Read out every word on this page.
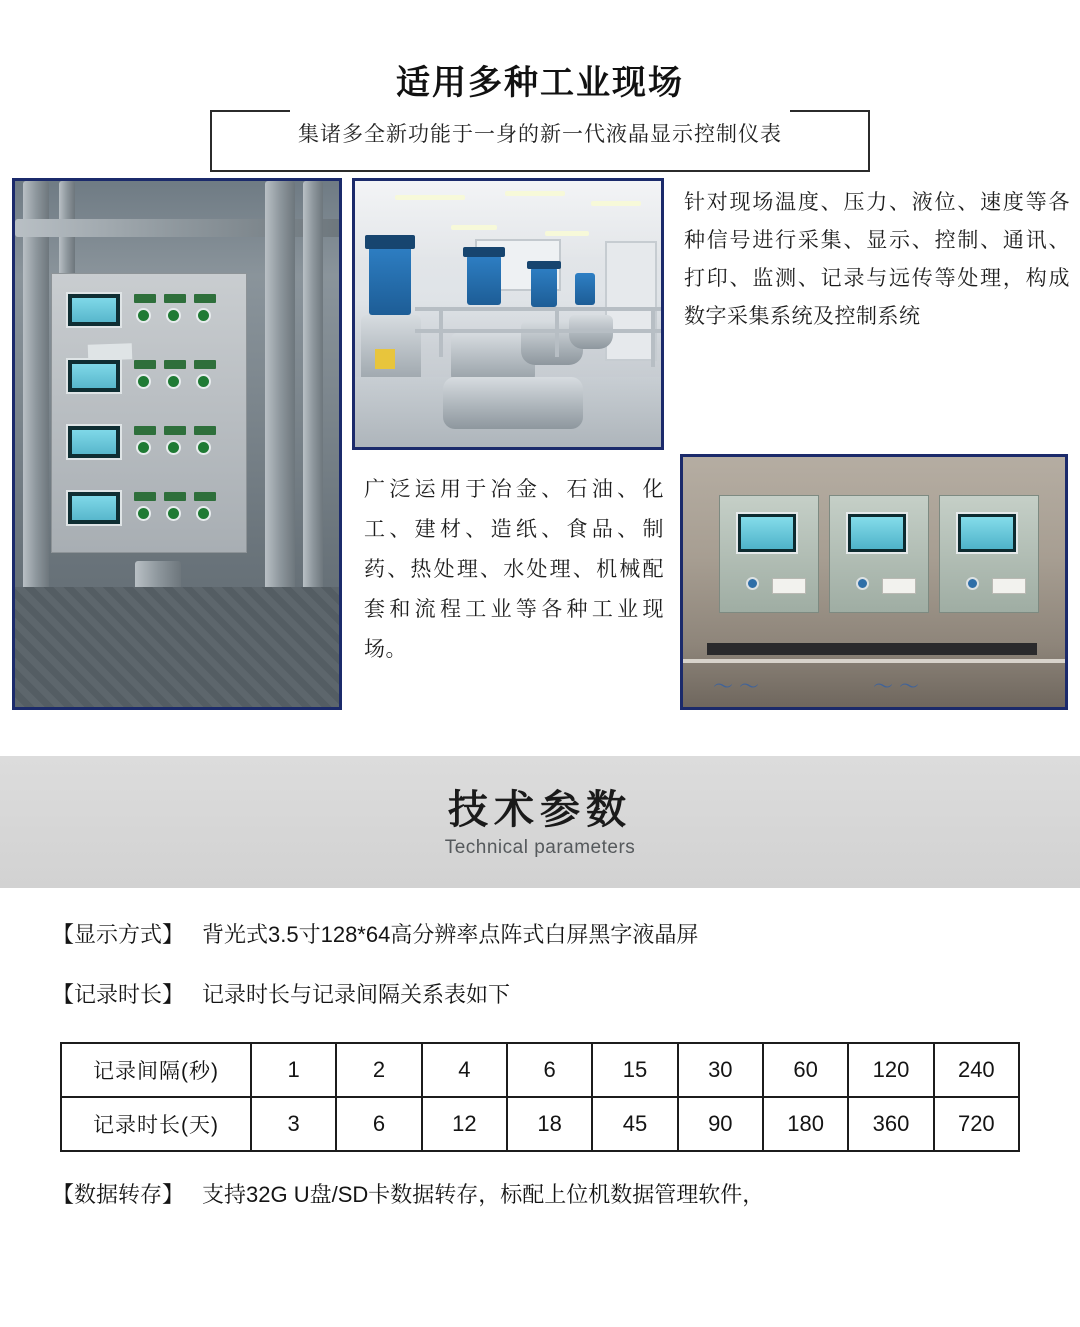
适用多种工业现场
集诸多全新功能于一身的新一代液晶显示控制仪表
～～	～～
针对现场温度、压力、液位、速度等各种信号进行采集、显示、控制、通讯、打印、监测、记录与远传等处理，构成数字采集系统及控制系统
广泛运用于冶金、石油、化工、建材、造纸、食品、制药、热处理、水处理、机械配套和流程工业等各种工业现场。
技术参数
Technical parameters
【显示方式】 背光式3.5寸128*64高分辨率点阵式白屏黑字液晶屏
【记录时长】 记录时长与记录间隔关系表如下
记录间隔(秒)	1	2	4	6	15	30	60	120	240
记录时长(天)	3	6	12	18	45	90	180	360	720
【数据转存】 支持32G U盘/SD卡数据转存，标配上位机数据管理软件，
